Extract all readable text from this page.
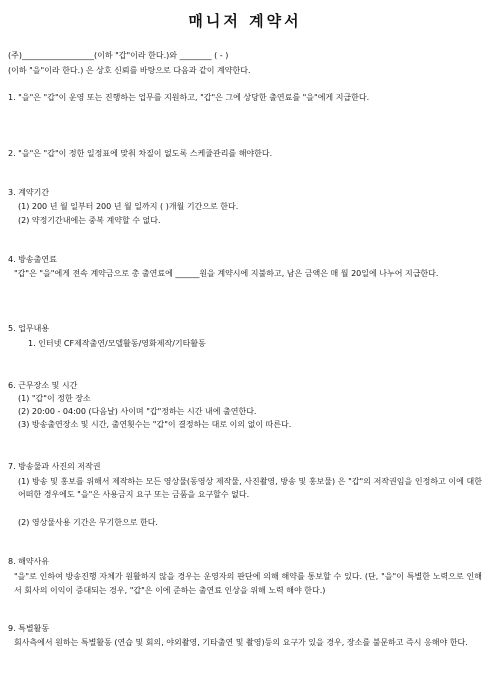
매니저 계약서
(주)__________________(이하 "갑"이라 한다.)와 ________ ( - )
(이하 "을"이라 한다.) 은 상호 신뢰를 바탕으로 다음과 같이 계약한다.
1. "을"은 "갑"이 운영 또는 진행하는 업무를 지원하고, "갑"은 그에 상당한 출연료를 "을"에게 지급한다.
2. "을"은 "갑"이 정한 일정표에 맞춰 차질이 없도록 스케쥴관리를 해야한다.
3. 계약기간
(1) 200 년 월 일부터 200 년 월 일까지 ( )개월 기간으로 한다.
(2) 약정기간내에는 중복 계약할 수 없다.
4. 방송출연료
"갑"은 "을"에게 전속 계약금으로 총 출연료에 ______원을 계약시에 지불하고, 남은 금액은 매 월 20일에 나누어 지급한다.
5. 업무내용
1. 인터넷 CF제작출연/모델활동/영화제작/기타활동
6. 근무장소 및 시간
(1) "갑"이 정한 장소
(2) 20:00 - 04:00 (다음날) 사이며 "갑"정하는 시간 내에 출연한다.
(3) 방송출연장소 및 시간, 출연횟수는 "갑"이 결정하는 대로 이의 없이 따른다.
7. 방송물과 사진의 저작권
(1) 방송 및 홍보를 위해서 제작하는 모든 영상물(동영상 제작물, 사진촬영, 방송 및 홍보물) 은 "갑"의 저작권임을 인정하고 이에 대한 어떠한 경우에도 "을"은 사용금지 요구 또는 금품을 요구할수 없다.
(2) 영상물사용 기간은 무기한으로 한다.
8. 해약사유
"을"로 인하여 방송진행 자체가 원활하지 않을 경우는 운영자의 판단에 의해 해약를 통보할 수 있다. (단, "을"이 특별한 노력으로 인해서 회사의 이익이 증대되는 경우, "갑"은 이에 준하는 출연료 인상을 위해 노력 해야 한다.)
9. 특별활동
회사측에서 원하는 특별활동 (연습 및 회의, 야외촬영, 기타출연 및 촬영)등의 요구가 있을 경우, 장소를 불문하고 즉시 응해야 한다.
